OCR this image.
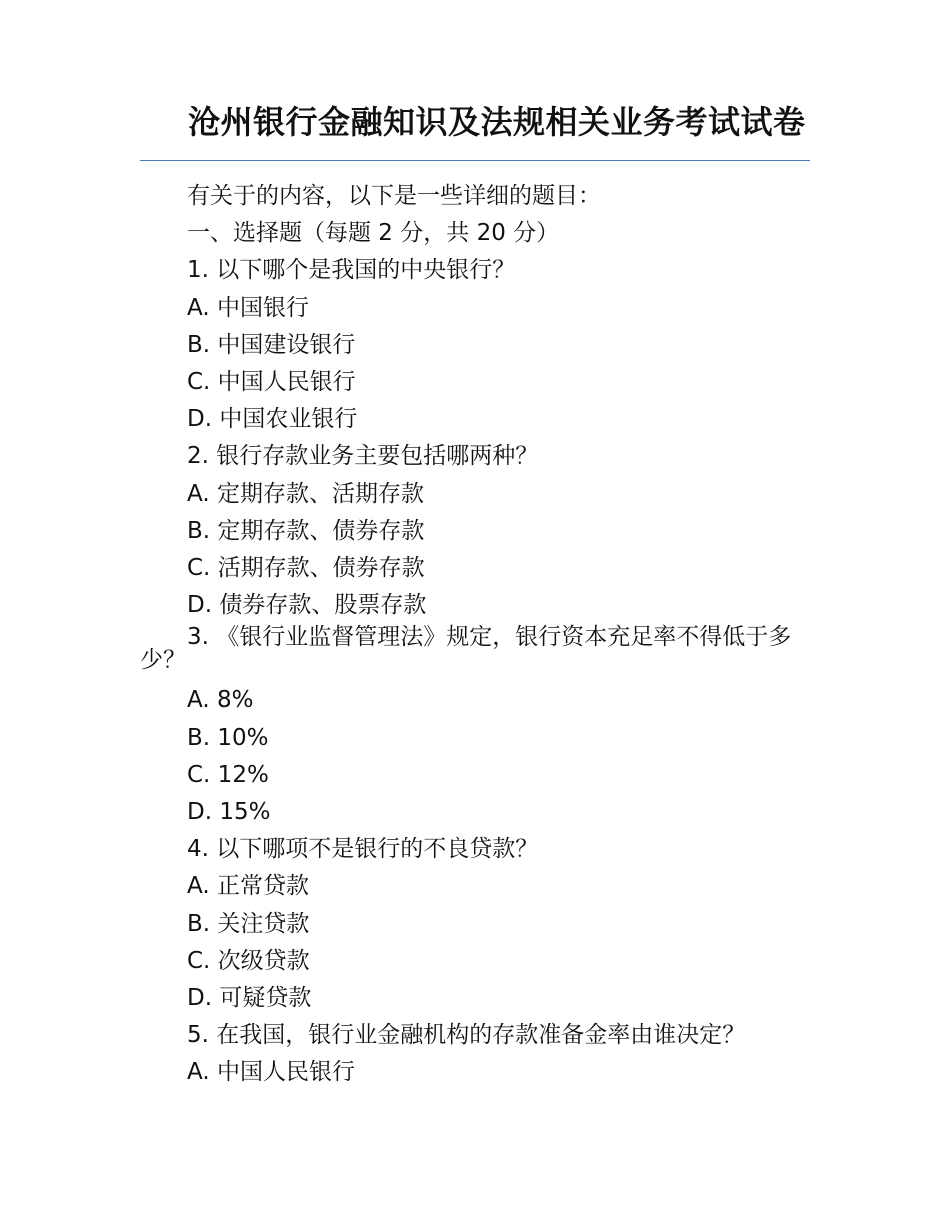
沧州银行金融知识及法规相关业务考试试卷

有关于的内容，以下是一些详细的题目：

一、选择题（每题 2 分，共 20 分）

1. 以下哪个是我国的中央银行？

A. 中国银行

B. 中国建设银行

C. 中国人民银行

D. 中国农业银行

2. 银行存款业务主要包括哪两种？

A. 定期存款、活期存款

B. 定期存款、债券存款

C. 活期存款、债券存款

D. 债券存款、股票存款

3. 《银行业监督管理法》规定，银行资本充足率不得低于多少？

A. 8%

B. 10%

C. 12%

D. 15%

4. 以下哪项不是银行的不良贷款？

A. 正常贷款

B. 关注贷款

C. 次级贷款

D. 可疑贷款

5. 在我国，银行业金融机构的存款准备金率由谁决定？

A. 中国人民银行
